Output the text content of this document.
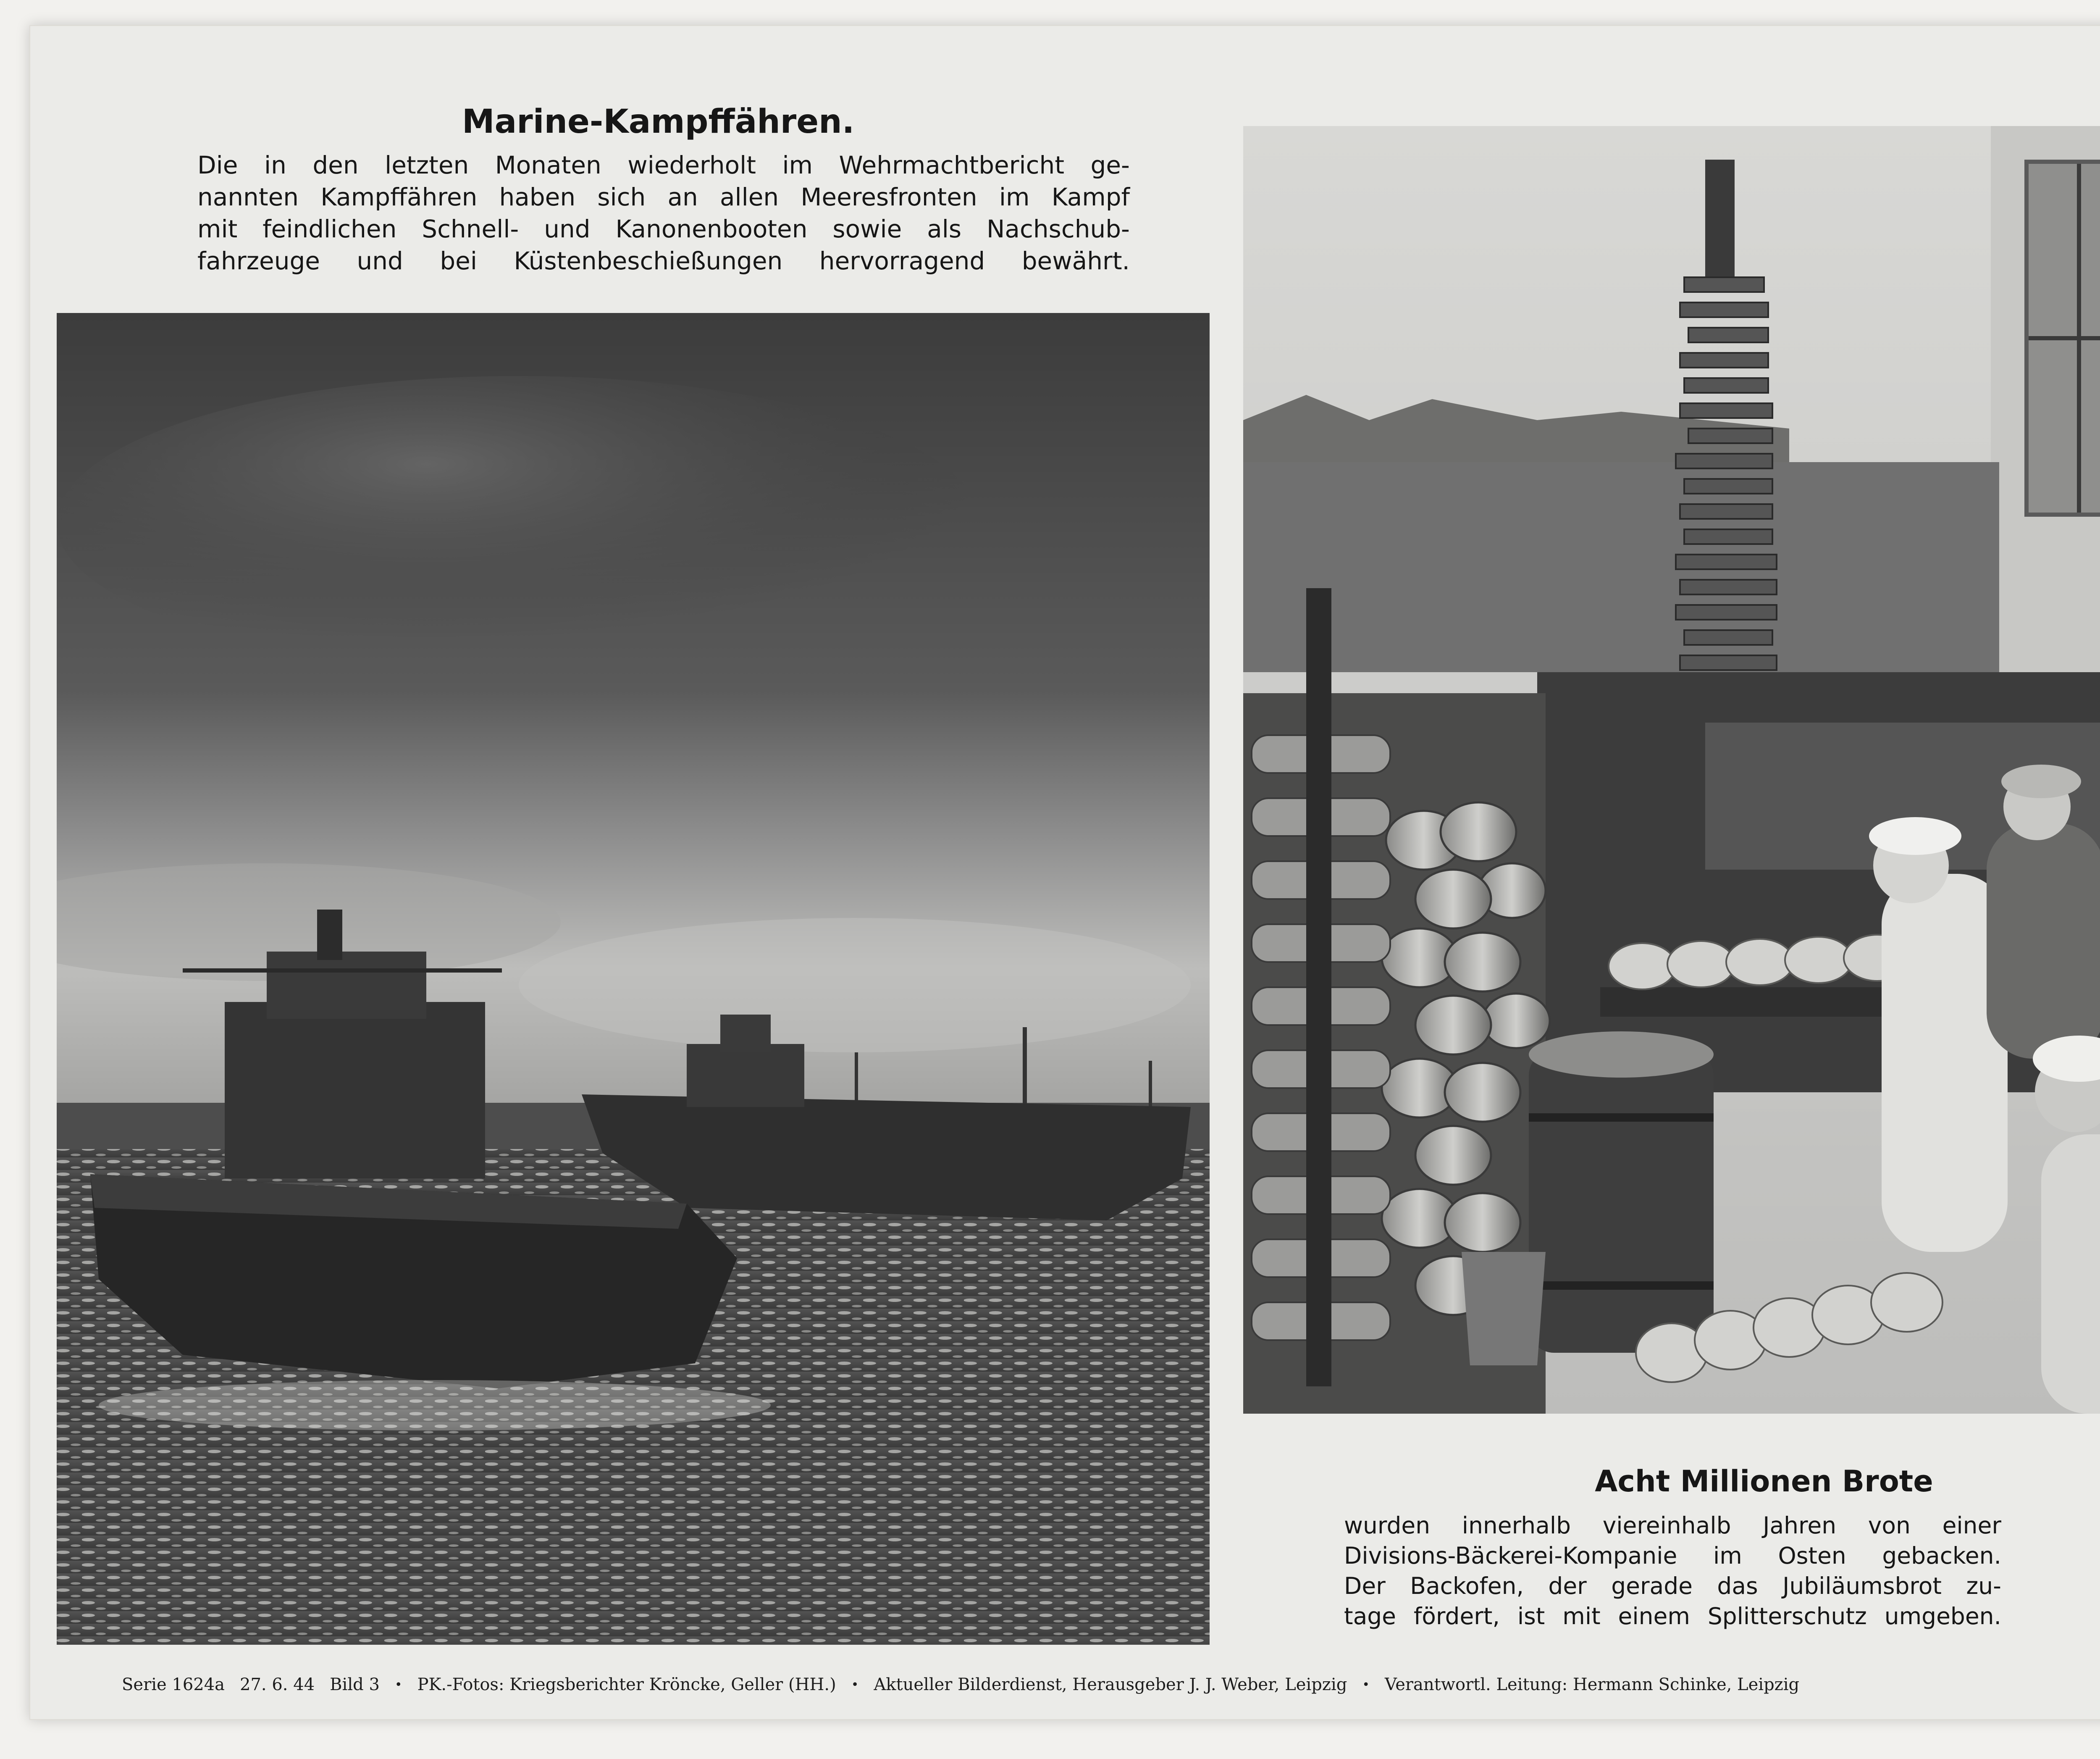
Marine-Kampffähren.
Die in den letzten Monaten wiederholt im Wehrmachtbericht ge-
nannten Kampffähren haben sich an allen Meeresfronten im Kampf
mit feindlichen Schnell- und Kanonenbooten sowie als Nachschub-
fahrzeuge und bei Küstenbeschießungen hervorragend bewährt.
Acht Millionen Brote
wurden innerhalb viereinhalb Jahren von einer
Divisions-Bäckerei-Kompanie im Osten gebacken.
Der Backofen, der gerade das Jubiläumsbrot zu-
tage fördert, ist mit einem Splitterschutz umgeben.
Serie 1624a 27. 6. 44 Bild 3 • PK.-Fotos: Kriegsberichter Kröncke, Geller (HH.) • Aktueller Bilderdienst, Herausgeber J. J. Weber, Leipzig • Verantwortl. Leitung: Hermann Schinke, Leipzig
